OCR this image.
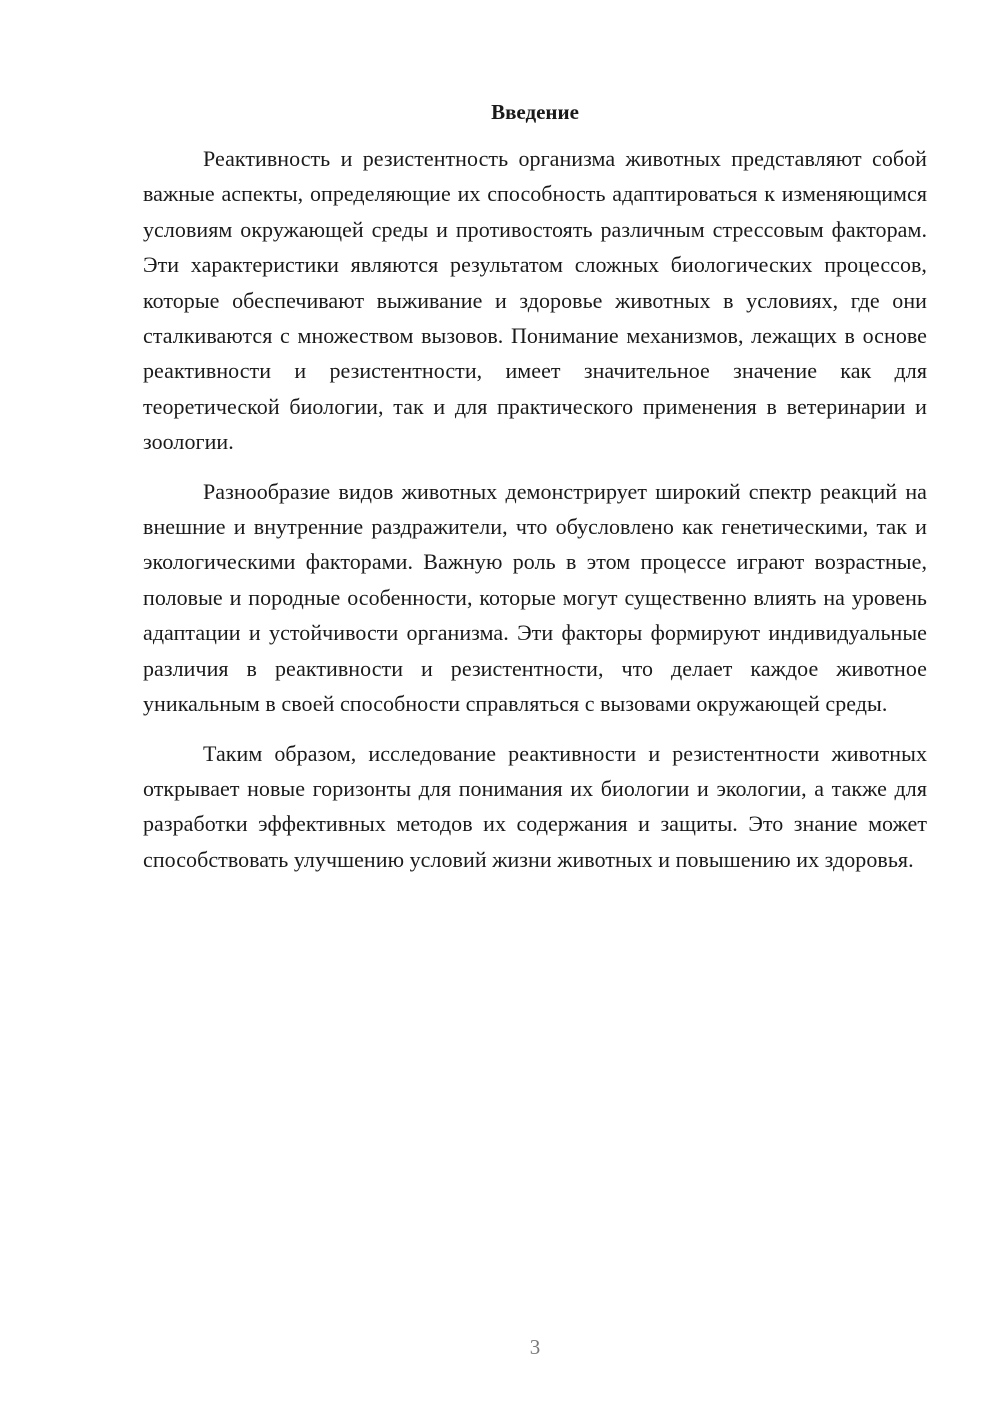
Введение

Реактивность и резистентность организма животных представляют собой важные аспекты, определяющие их способность адаптироваться к изменяющимся условиям окружающей среды и противостоять различным стрессовым факторам. Эти характеристики являются результатом сложных биологических процессов, которые обеспечивают выживание и здоровье животных в условиях, где они сталкиваются с множеством вызовов. Понимание механизмов, лежащих в основе реактивности и резистентности, имеет значительное значение как для теоретической биологии, так и для практического применения в ветеринарии и зоологии.

Разнообразие видов животных демонстрирует широкий спектр реакций на внешние и внутренние раздражители, что обусловлено как генетическими, так и экологическими факторами. Важную роль в этом процессе играют возрастные, половые и породные особенности, которые могут существенно влиять на уровень адаптации и устойчивости организма. Эти факторы формируют индивидуальные различия в реактивности и резистентности, что делает каждое животное уникальным в своей способности справляться с вызовами окружающей среды.

Таким образом, исследование реактивности и резистентности животных открывает новые горизонты для понимания их биологии и экологии, а также для разработки эффективных методов их содержания и защиты. Это знание может способствовать улучшению условий жизни животных и повышению их здоровья.

3
